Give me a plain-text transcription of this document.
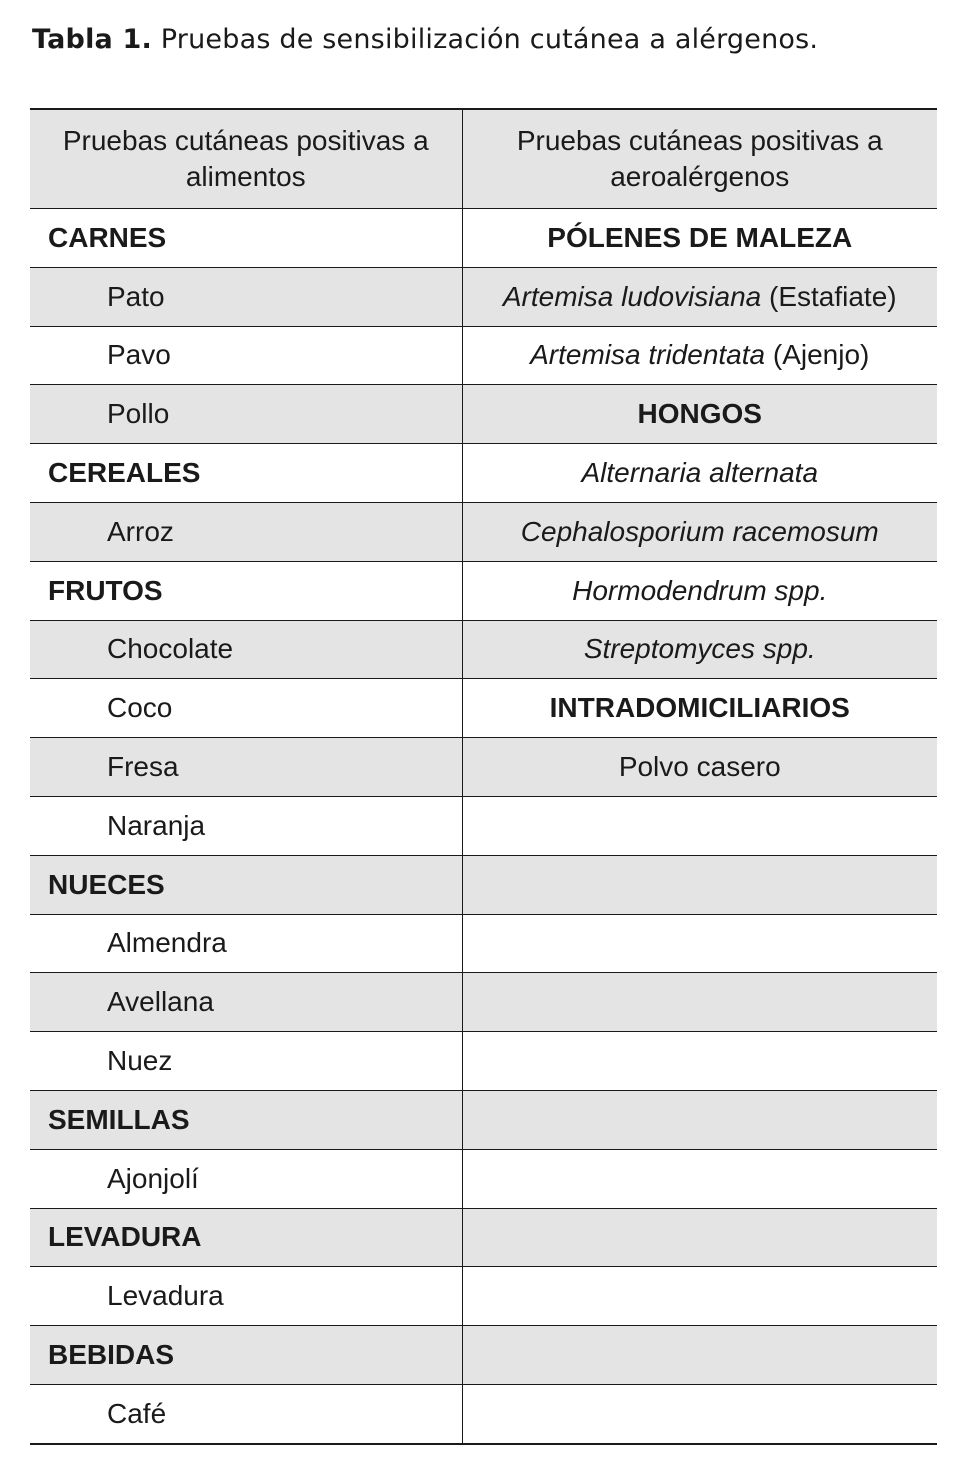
Tabla 1. Pruebas de sensibilización cutánea a alérgenos.
Pruebas cutáneas positivas a alimentos	Pruebas cutáneas positivas a aeroalérgenos
CARNES	PÓLENES DE MALEZA
Pato	Artemisa ludovisiana (Estafiate)
Pavo	Artemisa tridentata (Ajenjo)
Pollo	HONGOS
CEREALES	Alternaria alternata
Arroz	Cephalosporium racemosum
FRUTOS	Hormodendrum spp.
Chocolate	Streptomyces spp.
Coco	INTRADOMICILIARIOS
Fresa	Polvo casero
Naranja	
NUECES	
Almendra	
Avellana	
Nuez	
SEMILLAS	
Ajonjolí	
LEVADURA	
Levadura	
BEBIDAS	
Café	
